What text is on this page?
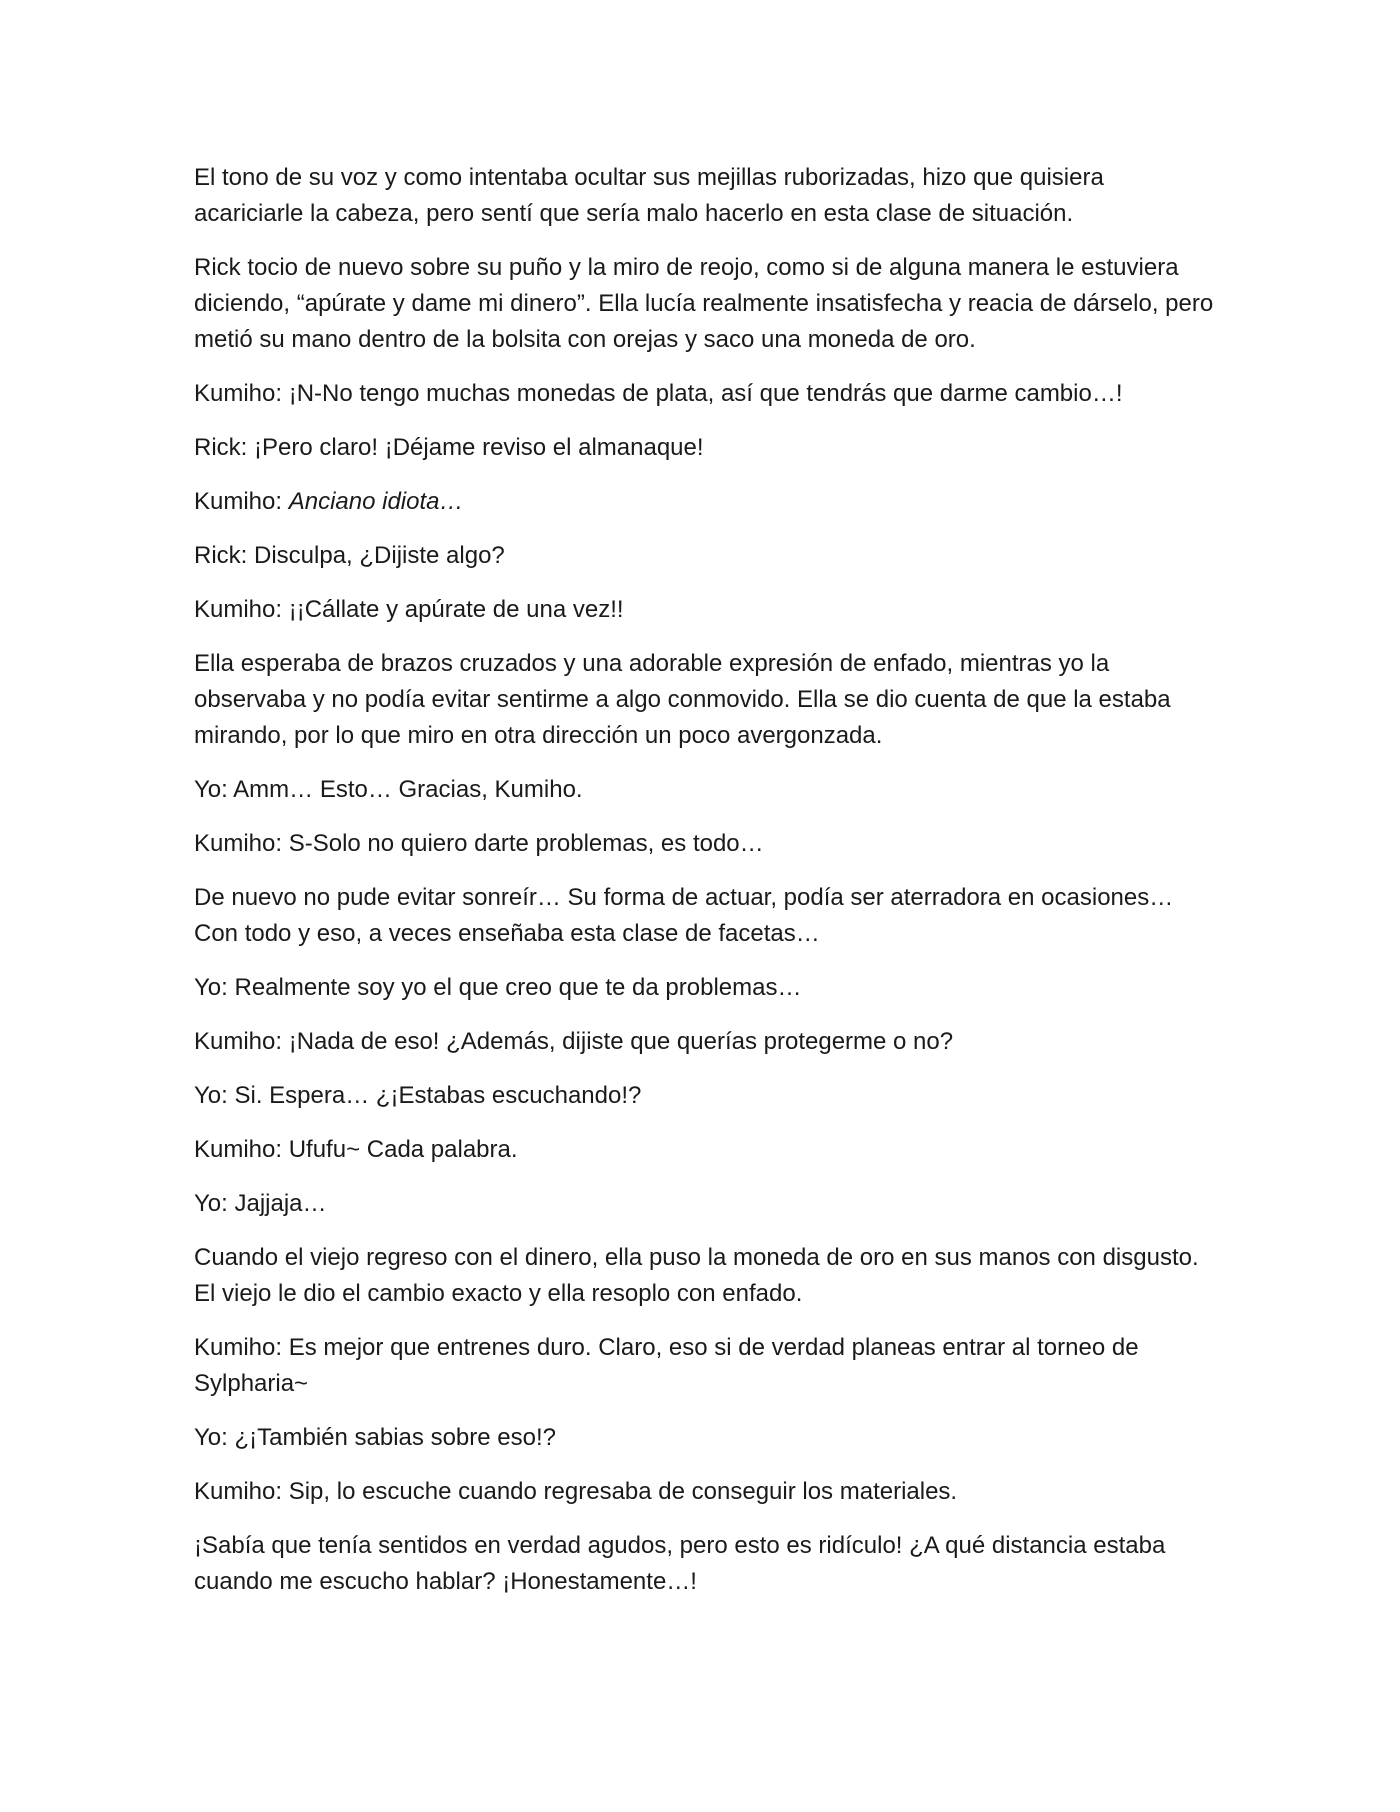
El tono de su voz y como intentaba ocultar sus mejillas ruborizadas, hizo que quisiera acariciarle la cabeza, pero sentí que sería malo hacerlo en esta clase de situación.

Rick tocio de nuevo sobre su puño y la miro de reojo, como si de alguna manera le estuviera diciendo, “apúrate y dame mi dinero”. Ella lucía realmente insatisfecha y reacia de dárselo, pero metió su mano dentro de la bolsita con orejas y saco una moneda de oro.

Kumiho: ¡N-No tengo muchas monedas de plata, así que tendrás que darme cambio…!

Rick: ¡Pero claro! ¡Déjame reviso el almanaque!

Kumiho: Anciano idiota…

Rick: Disculpa, ¿Dijiste algo?

Kumiho: ¡¡Cállate y apúrate de una vez!!

Ella esperaba de brazos cruzados y una adorable expresión de enfado, mientras yo la observaba y no podía evitar sentirme a algo conmovido. Ella se dio cuenta de que la estaba mirando, por lo que miro en otra dirección un poco avergonzada.

Yo: Amm… Esto… Gracias, Kumiho.

Kumiho: S-Solo no quiero darte problemas, es todo…

De nuevo no pude evitar sonreír… Su forma de actuar, podía ser aterradora en ocasiones… Con todo y eso, a veces enseñaba esta clase de facetas…

Yo: Realmente soy yo el que creo que te da problemas…

Kumiho: ¡Nada de eso! ¿Además, dijiste que querías protegerme o no?

Yo: Si. Espera… ¿¡Estabas escuchando!?

Kumiho: Ufufu~ Cada palabra.

Yo: Jajjaja…

Cuando el viejo regreso con el dinero, ella puso la moneda de oro en sus manos con disgusto. El viejo le dio el cambio exacto y ella resoplo con enfado.

Kumiho: Es mejor que entrenes duro. Claro, eso si de verdad planeas entrar al torneo de Sylpharia~

Yo: ¿¡También sabias sobre eso!?

Kumiho: Sip, lo escuche cuando regresaba de conseguir los materiales.

¡Sabía que tenía sentidos en verdad agudos, pero esto es ridículo! ¿A qué distancia estaba cuando me escucho hablar? ¡Honestamente…!
